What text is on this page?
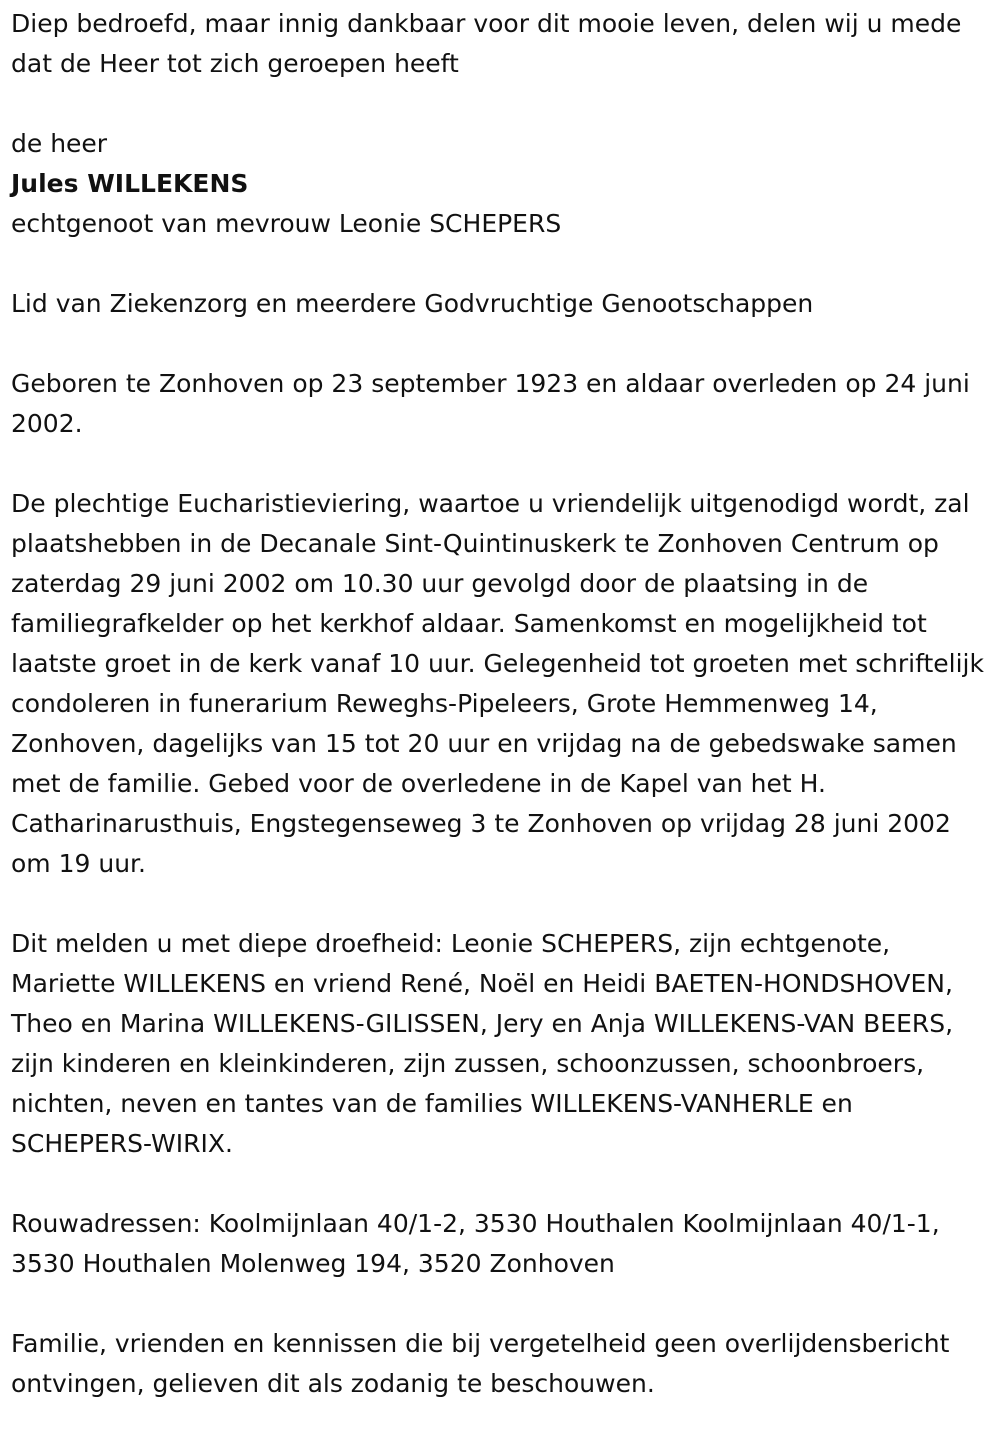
Diep bedroefd, maar innig dankbaar voor dit mooie leven, delen wij u mede dat de Heer tot zich geroepen heeft

de heer

Jules WILLEKENS

echtgenoot van mevrouw Leonie SCHEPERS

Lid van Ziekenzorg en meerdere Godvruchtige Genootschappen

Geboren te Zonhoven op 23 september 1923 en aldaar overleden op 24 juni 2002.

De plechtige Eucharistieviering, waartoe u vriendelijk uitgenodigd wordt, zal plaatshebben in de Decanale Sint-Quintinuskerk te Zonhoven Centrum op zaterdag 29 juni 2002 om 10.30 uur gevolgd door de plaatsing in de familiegrafkelder op het kerkhof aldaar. Samenkomst en mogelijkheid tot laatste groet in de kerk vanaf 10 uur. Gelegenheid tot groeten met schriftelijk condoleren in funerarium Reweghs-Pipeleers, Grote Hemmenweg 14, Zonhoven, dagelijks van 15 tot 20 uur en vrijdag na de gebedswake samen met de familie. Gebed voor de overledene in de Kapel van het H. Catharinarusthuis, Engstegenseweg 3 te Zonhoven op vrijdag 28 juni 2002 om 19 uur.

Dit melden u met diepe droefheid: Leonie SCHEPERS, zijn echtgenote, Mariette WILLEKENS en vriend René, Noël en Heidi BAETEN-HONDSHOVEN, Theo en Marina WILLEKENS-GILISSEN, Jery en Anja WILLEKENS-VAN BEERS, zijn kinderen en kleinkinderen, zijn zussen, schoonzussen, schoonbroers, nichten, neven en tantes van de families WILLEKENS-VANHERLE en SCHEPERS-WIRIX.

Rouwadressen: Koolmijnlaan 40/1-2, 3530 Houthalen Koolmijnlaan 40/1-1, 3530 Houthalen Molenweg 194, 3520 Zonhoven

Familie, vrienden en kennissen die bij vergetelheid geen overlijdensbericht ontvingen, gelieven dit als zodanig te beschouwen.
